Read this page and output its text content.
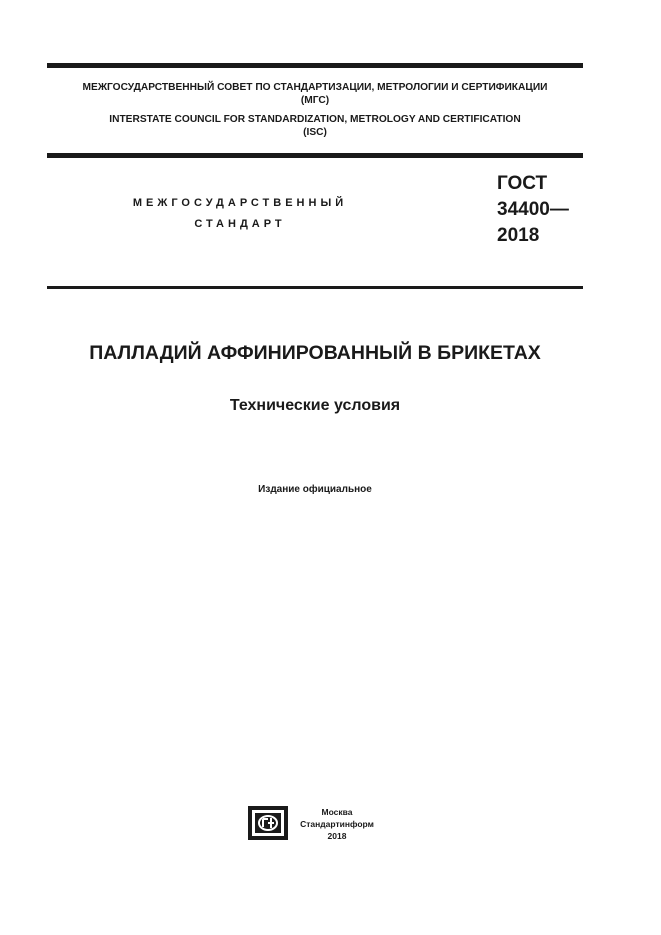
МЕЖГОСУДАРСТВЕННЫЙ СОВЕТ ПО СТАНДАРТИЗАЦИИ, МЕТРОЛОГИИ И СЕРТИФИКАЦИИ
(МГС)
INTERSTATE COUNCIL FOR STANDARDIZATION, METROLOGY AND CERTIFICATION
(ISC)
МЕЖГОСУДАРСТВЕННЫЙ
СТАНДАРТ
ГОСТ
34400—
2018
ПАЛЛАДИЙ АФФИНИРОВАННЫЙ В БРИКЕТАХ
Технические условия
Издание официальное
Москва
Стандартинформ
2018
